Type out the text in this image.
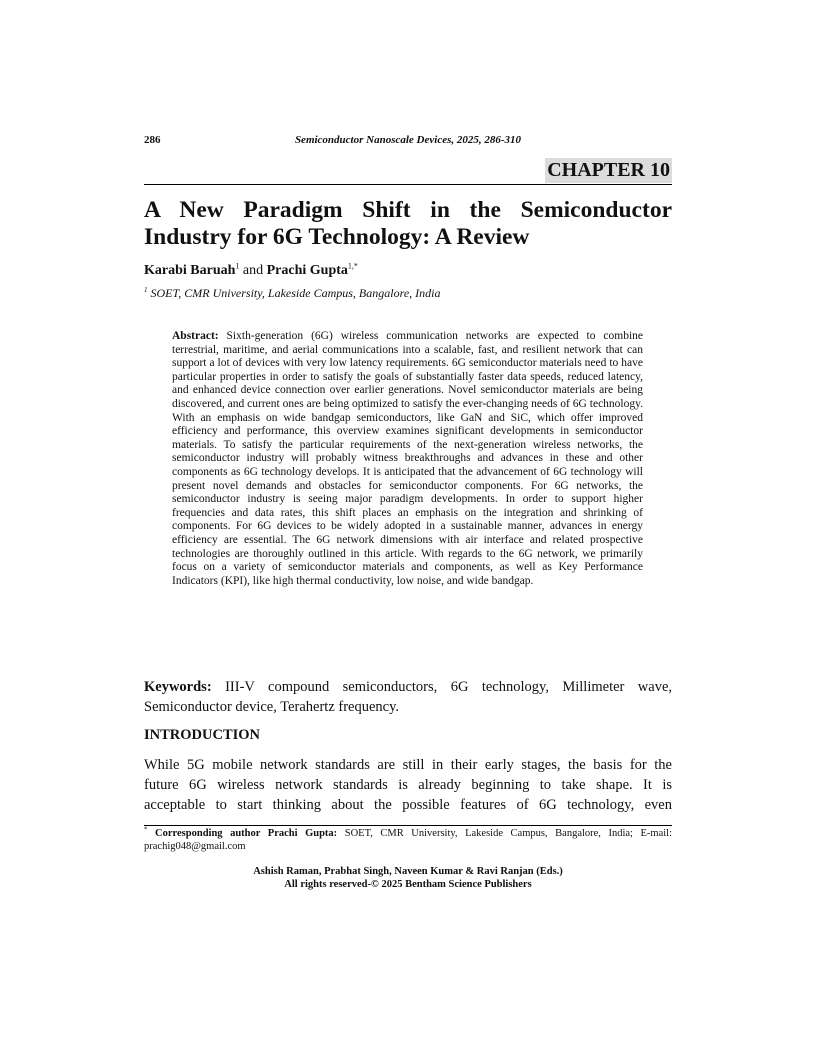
286	Semiconductor Nanoscale Devices, 2025, 286-310
CHAPTER 10
A New Paradigm Shift in the Semiconductor Industry for 6G Technology: A Review
Karabi Baruah$^1$ and Prachi Gupta$^{1,*}$
$^1$ SOET, CMR University, Lakeside Campus, Bangalore, India

Abstract: Sixth-generation (6G) wireless communication networks are expected to combine terrestrial, maritime, and aerial communications into a scalable, fast, and resilient network that can support a lot of devices with very low latency requirements. 6G semiconductor materials need to have particular properties in order to satisfy the goals of substantially faster data speeds, reduced latency, and enhanced device connection over earlier generations. Novel semiconductor materials are being discovered, and current ones are being optimized to satisfy the ever-changing needs of 6G technology. With an emphasis on wide bandgap semiconductors, like GaN and SiC, which offer improved efficiency and performance, this overview examines significant developments in semiconductor materials. To satisfy the particular requirements of the next-generation wireless networks, the semiconductor industry will probably witness breakthroughs and advances in these and other components as 6G technology develops. It is anticipated that the advancement of 6G technology will present novel demands and obstacles for semiconductor components. For 6G networks, the semiconductor industry is seeing major paradigm developments. In order to support higher frequencies and data rates, this shift places an emphasis on the integration and shrinking of components. For 6G devices to be widely adopted in a sustainable manner, advances in energy efficiency are essential. The 6G network dimensions with air interface and related prospective technologies are thoroughly outlined in this article. With regards to the 6G network, we primarily focus on a variety of semiconductor materials and components, as well as Key Performance Indicators (KPI), like high thermal conductivity, low noise, and wide bandgap.

Keywords: III-V compound semiconductors, 6G technology, Millimeter wave, Semiconductor device, Terahertz frequency.

INTRODUCTION

While 5G mobile network standards are still in their early stages, the basis for the
future 6G wireless network standards is already beginning to take shape. It is
acceptable to start thinking about the possible features of 6G technology, even

* Corresponding author Prachi Gupta: SOET, CMR University, Lakeside Campus, Bangalore, India; E-mail: prachig048@gmail.com

Ashish Raman, Prabhat Singh, Naveen Kumar & Ravi Ranjan (Eds.)
All rights reserved-© 2025 Bentham Science Publishers
